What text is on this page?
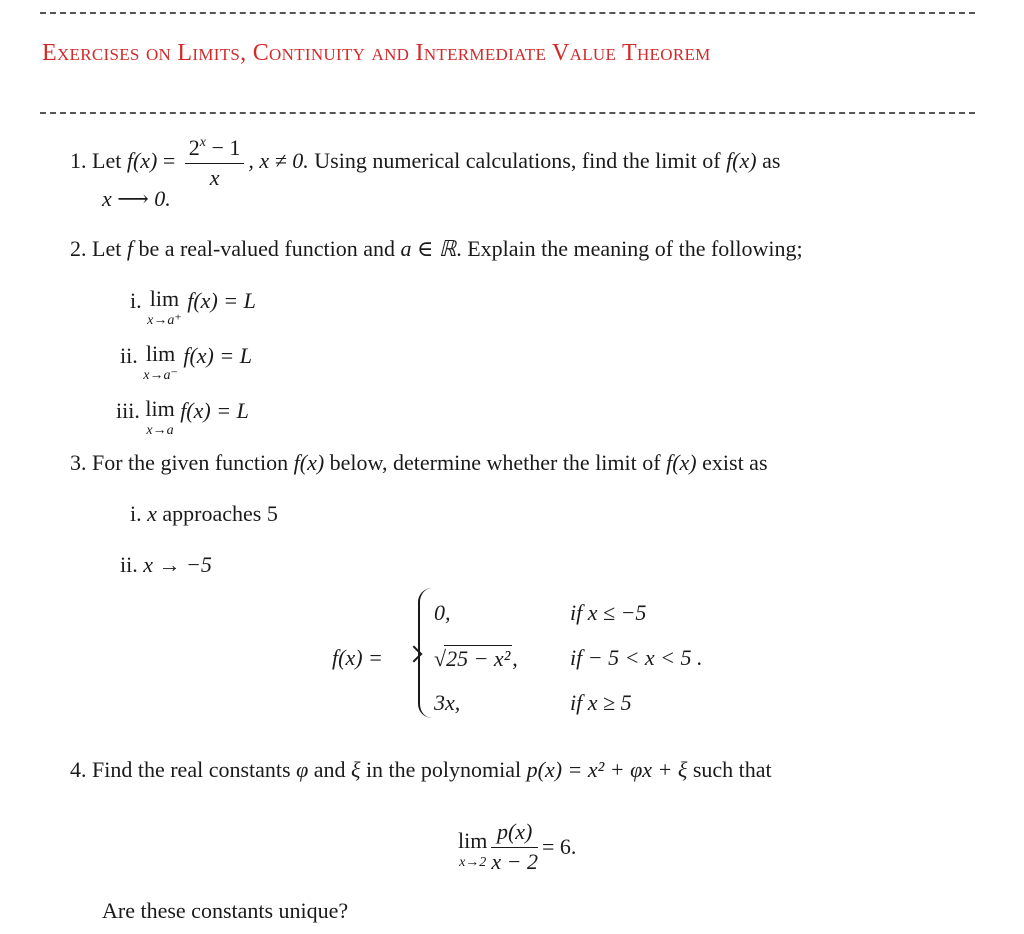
Exercises on Limits, Continuity and Intermediate Value Theorem
1. Let $f(x) = \frac{2^x - 1}{x}$ , x ≠ 0. Using numerical calculations, find the limit of f(x) as
x ⟶ 0.
2. Let f be a real-valued function and a ∈ ℝ. Explain the meaning of the following;
i. lim
x→a⁺
f(x) = L
ii. lim
x→a⁻
f(x) = L
iii. lim
x→a
f(x) = L
3. For the given function f(x) below, determine whether the limit of f(x) exist as
i. x approaches 5
ii. x → −5
f(x) =
0,	if x ≤ −5
√25 − x², if − 5 < x < 5 .
3x,	if x ≥ 5
4. Find the real constants φ and ξ in the polynomial p(x) = x² + φx + ξ such that
lim
$x\to 2 \frac{p(x)}{x - 2} = 6$.
Are these constants unique?
